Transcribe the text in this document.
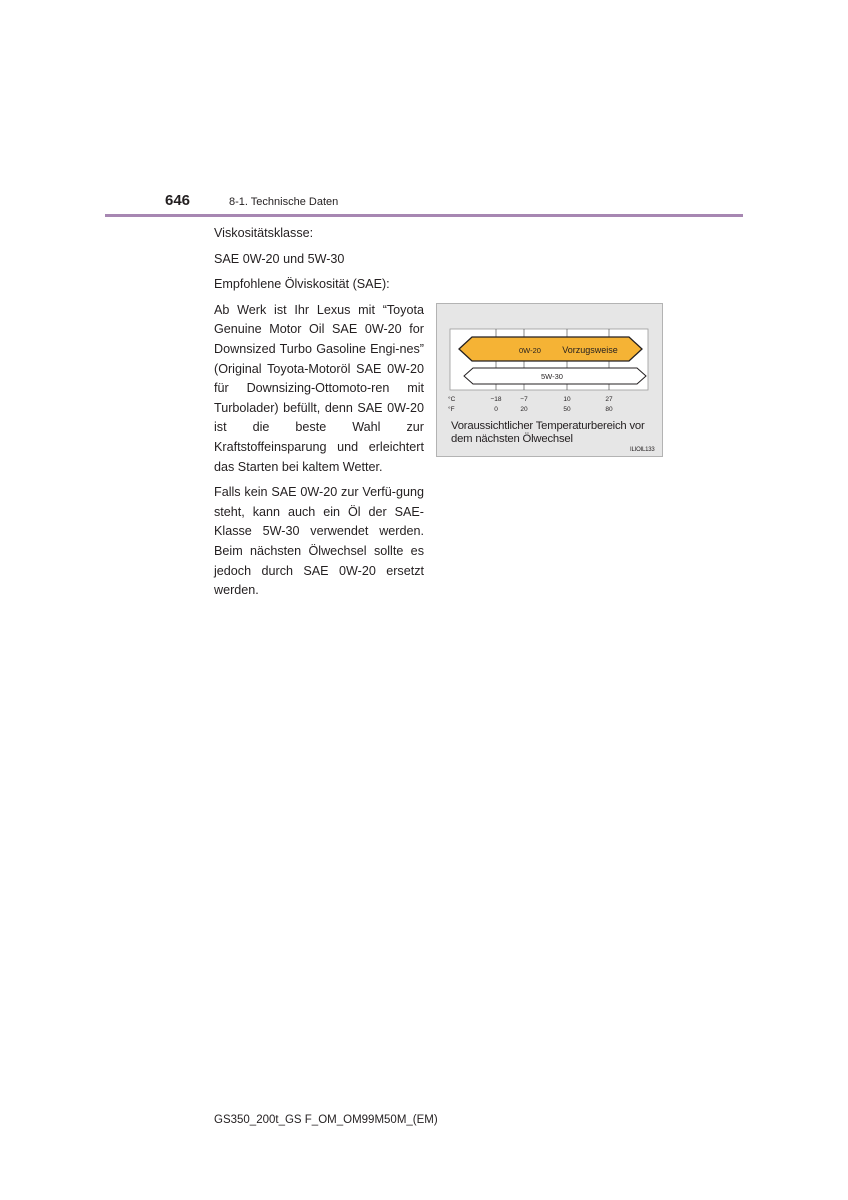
646	8-1. Technische Daten

Viskositätsklasse:

SAE 0W-20 und 5W-30

Empfohlene Ölviskosität (SAE):

Ab Werk ist Ihr Lexus mit “Toyota Genuine Motor Oil SAE 0W-20 for Downsized Turbo Gasoline Engi-nes” (Original Toyota-Motoröl SAE 0W-20 für Downsizing-Ottomoto-ren mit Turbolader) befüllt, denn SAE 0W-20 ist die beste Wahl zur Kraftstoffeinsparung und erleichtert das Starten bei kaltem Wetter.

Falls kein SAE 0W-20 zur Verfü-gung steht, kann auch ein Öl der SAE-Klasse 5W-30 verwendet werden. Beim nächsten Ölwechsel sollte es jedoch durch SAE 0W-20 ersetzt werden.

0W-20 Vorzugsweise
5W-30
°C
°F
−18	−7	10	27
0	20	50	80
Voraussichtlicher Temperaturbereich vor dem nächsten Ölwechsel
ILIOIL133
GS350_200t_GS F_OM_OM99M50M_(EM)
